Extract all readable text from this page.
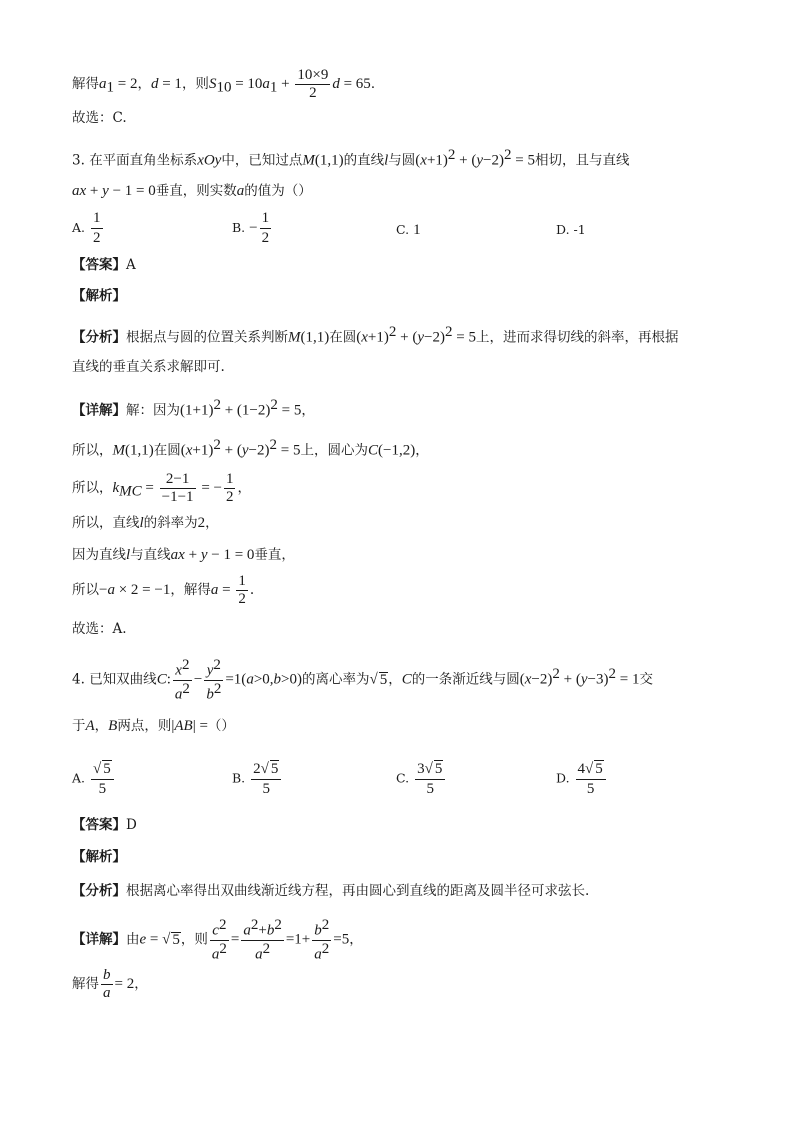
解得$a_1 = 2$，d = 1，则$S_{10} = 10a_1 + \frac{10\times 9}{2}$ d = 65．
故选：C.
3. 在平面直角坐标系xOy中，已知过点M(1,1)的直线l与圆$(x+1)^2 + (y-2)^2 = 5$相切，且与直线
ax + y − 1 = 0垂直，则实数a的值为（）
A. $\frac{1}{2}$	B. − $\frac{1}{2}$	C. 1	D. -1
【答案】A
【解析】
【分析】根据点与圆的位置关系判断M(1,1)在圆$(x+1)^2 + (y-2)^2 = 5$上，进而求得切线的斜率，再根据
直线的垂直关系求解即可.
【详解】解：因为$(1+1)^2 + (1-2)^2 = 5$，
所以，M(1,1)在圆$(x+1)^2 + (y-2)^2 = 5$上，圆心为C(−1,2)，
所以，$k_{MC} = \frac{2-1}{-1-1}$ = − $\frac{1}{2}$ ，
所以，直线l的斜率为2，
因为直线l与直线ax + y − 1 = 0垂直，
所以−a × 2 = −1，解得$a = \frac{1}{2}$ .
故选：A.
4. 已知双曲线C: $\frac{x^2}{a^2} - \frac{y^2}{b^2} =1(a>0,b>0)$的离心率为√ 5，C的一条渐近线与圆$(x-2)^2 + (y-3)^2 = 1$交
于A，B两点，则|AB| =（）
A. $\frac{√ 5}{5}$	B. $\frac{2√ 5}{5}$	C. $\frac{3√ 5}{5}$	D. $\frac{4√ 5}{5}$
【答案】D
【解析】
【分析】根据离心率得出双曲线渐近线方程，再由圆心到直线的距离及圆半径可求弦长.
【详解】由e = √ 5，则 $\frac{c^2}{a^2} = \frac{a^2+b^2}{a^2} =1+ \frac{b^2}{a^2} =5$，
解得 $\frac{b}{a} = 2$，
